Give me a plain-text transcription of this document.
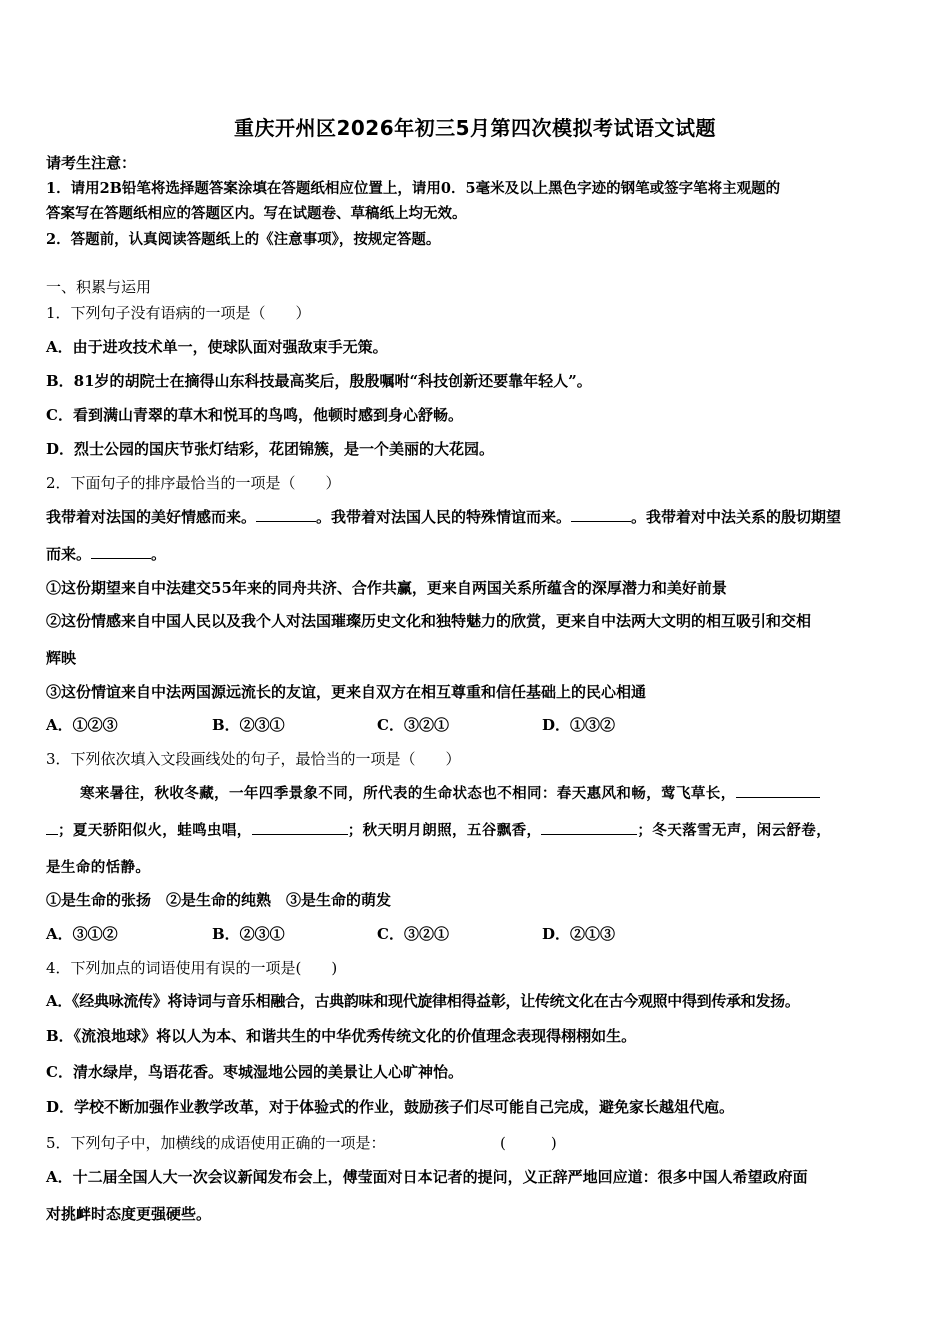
重庆开州区2026年初三5月第四次模拟考试语文试题
请考生注意：
1．请用2B铅笔将选择题答案涂填在答题纸相应位置上，请用0．5毫米及以上黑色字迹的钢笔或签字笔将主观题的
答案写在答题纸相应的答题区内。写在试题卷、草稿纸上均无效。
2．答题前，认真阅读答题纸上的《注意事项》，按规定答题。
一、积累与运用
1．下列句子没有语病的一项是（　　）
A．由于进攻技术单一，使球队面对强敌束手无策。
B．81岁的胡院士在摘得山东科技最高奖后，殷殷嘱咐“科技创新还要靠年轻人”。
C．看到满山青翠的草木和悦耳的鸟鸣，他顿时感到身心舒畅。
D．烈士公园的国庆节张灯结彩，花团锦簇，是一个美丽的大花园。
2．下面句子的排序最恰当的一项是（　　）
我带着对法国的美好情感而来。	。我带着对法国人民的特殊情谊而来。	。我带着对中法关系的殷切期望
而来。	。
①这份期望来自中法建交55年来的同舟共济、合作共赢，更来自两国关系所蕴含的深厚潜力和美好前景
②这份情感来自中国人民以及我个人对法国璀璨历史文化和独特魅力的欣赏，更来自中法两大文明的相互吸引和交相
辉映
③这份情谊来自中法两国源远流长的友谊，更来自双方在相互尊重和信任基础上的民心相通
A．①②③	B．②③①	C．③②①	D．①③②
3．下列依次填入文段画线处的句子，最恰当的一项是（　　）
寒来暑往，秋收冬藏，一年四季景象不同，所代表的生命状态也不相同：春天惠风和畅，莺飞草长，
；夏天骄阳似火，蛙鸣虫唱，	；秋天明月朗照，五谷飘香，	；冬天落雪无声，闲云舒卷，
是生命的恬静。
①是生命的张扬　②是生命的纯熟　③是生命的萌发
A．③①②	B．②③①	C．③②①	D．②①③
4．下列加点的词语使用有误的一项是(　　)
A．《经典咏流传》将诗词与音乐相融合，古典韵味和现代旋律相得益彰，让传统文化在古今观照中得到传承和发扬。
B．《流浪地球》将以人为本、和谐共生的中华优秀传统文化的价值理念表现得栩栩如生。
C．清水绿岸，鸟语花香。枣城湿地公园的美景让人心旷神怡。
D．学校不断加强作业教学改革，对于体验式的作业，鼓励孩子们尽可能自己完成，避免家长越俎代庖。
5．下列句子中，加横线的成语使用正确的一项是：	(　　　)
A．十二届全国人大一次会议新闻发布会上，傅莹面对日本记者的提问，义正辞严地回应道：很多中国人希望政府面
对挑衅时态度更强硬些。
